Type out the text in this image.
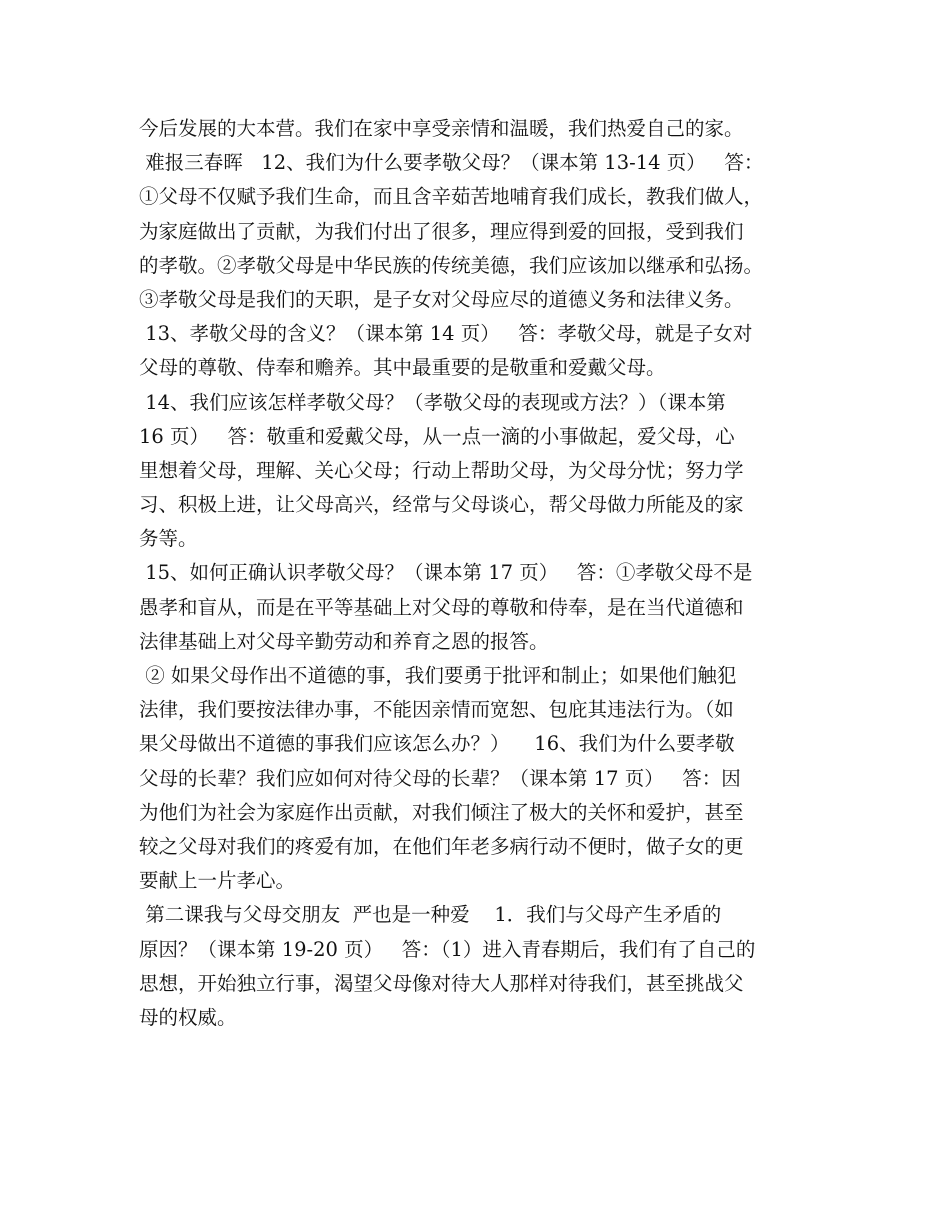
今后发展的大本营。我们在家中享受亲情和温暖，我们热爱自己的家。
难报三春晖   12、我们为什么要孝敬父母？（课本第 13-14 页）   答：
①父母不仅赋予我们生命，而且含辛茹苦地哺育我们成长，教我们做人，
为家庭做出了贡献，为我们付出了很多，理应得到爱的回报，受到我们
的孝敬。②孝敬父母是中华民族的传统美德，我们应该加以继承和弘扬。
③孝敬父母是我们的天职，是子女对父母应尽的道德义务和法律义务。
13、孝敬父母的含义？（课本第 14 页）   答：孝敬父母，就是子女对
父母的尊敬、侍奉和赡养。其中最重要的是敬重和爱戴父母。
14、我们应该怎样孝敬父母？（孝敬父母的表现或方法？）（课本第
16 页）   答：敬重和爱戴父母，从一点一滴的小事做起，爱父母，心
里想着父母，理解、关心父母；行动上帮助父母，为父母分忧；努力学
习、积极上进，让父母高兴，经常与父母谈心，帮父母做力所能及的家
务等。
15、如何正确认识孝敬父母？（课本第 17 页）   答：①孝敬父母不是
愚孝和盲从，而是在平等基础上对父母的尊敬和侍奉，是在当代道德和
法律基础上对父母辛勤劳动和养育之恩的报答。
② 如果父母作出不道德的事，我们要勇于批评和制止；如果他们触犯
法律，我们要按法律办事，不能因亲情而宽恕、包庇其违法行为。（如
果父母做出不道德的事我们应该怎么办？）    16、我们为什么要孝敬
父母的长辈？我们应如何对待父母的长辈？（课本第 17 页）   答：因
为他们为社会为家庭作出贡献，对我们倾注了极大的关怀和爱护，甚至
较之父母对我们的疼爱有加，在他们年老多病行动不便时，做子女的更
要献上一片孝心。
第二课我与父母交朋友  严也是一种爱    1．我们与父母产生矛盾的
原因？（课本第 19-20 页）   答：（1）进入青春期后，我们有了自己的
思想，开始独立行事，渴望父母像对待大人那样对待我们，甚至挑战父
母的权威。
